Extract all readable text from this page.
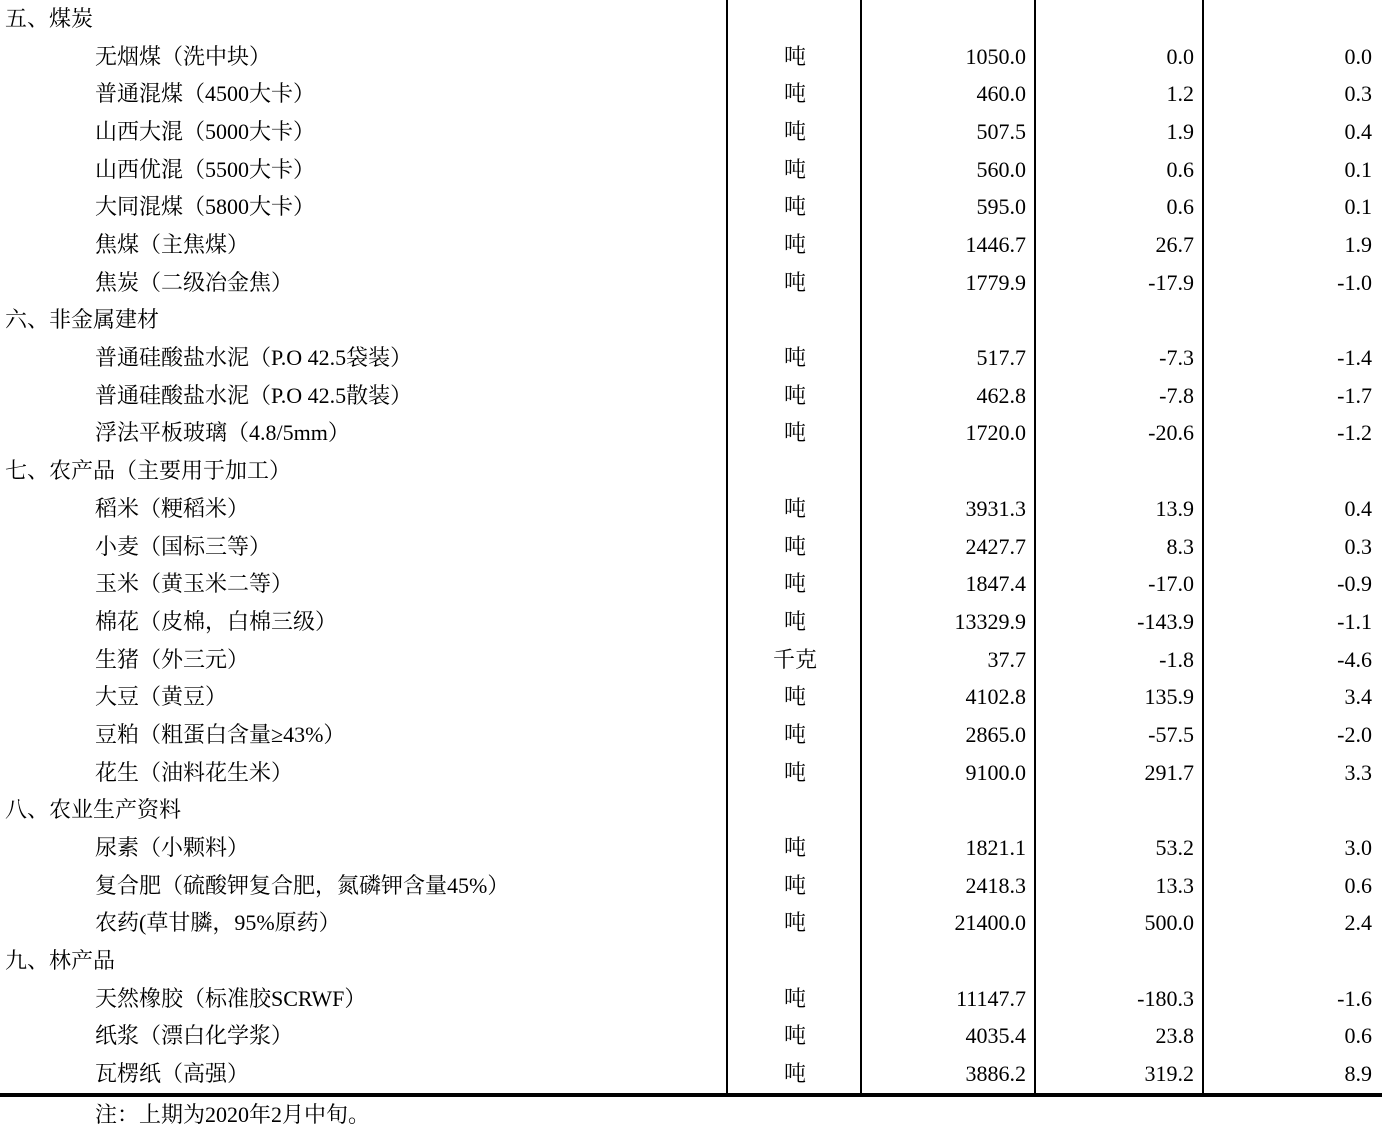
五、煤炭
无烟煤（洗中块）	吨	1050.0	0.0	0.0
普通混煤（4500大卡）	吨	460.0	1.2	0.3
山西大混（5000大卡）	吨	507.5	1.9	0.4
山西优混（5500大卡）	吨	560.0	0.6	0.1
大同混煤（5800大卡）	吨	595.0	0.6	0.1
焦煤（主焦煤）	吨	1446.7	26.7	1.9
焦炭（二级冶金焦）	吨	1779.9	-17.9	-1.0
六、非金属建材
普通硅酸盐水泥（P.O 42.5袋装）	吨	517.7	-7.3	-1.4
普通硅酸盐水泥（P.O 42.5散装）	吨	462.8	-7.8	-1.7
浮法平板玻璃（4.8/5mm）	吨	1720.0	-20.6	-1.2
七、农产品（主要用于加工）
稻米（粳稻米）	吨	3931.3	13.9	0.4
小麦（国标三等）	吨	2427.7	8.3	0.3
玉米（黄玉米二等）	吨	1847.4	-17.0	-0.9
棉花（皮棉，白棉三级）	吨	13329.9	-143.9	-1.1
生猪（外三元）	千克	37.7	-1.8	-4.6
大豆（黄豆）	吨	4102.8	135.9	3.4
豆粕（粗蛋白含量≥43%）	吨	2865.0	-57.5	-2.0
花生（油料花生米）	吨	9100.0	291.7	3.3
八、农业生产资料
尿素（小颗料）	吨	1821.1	53.2	3.0
复合肥（硫酸钾复合肥，氮磷钾含量45%）	吨	2418.3	13.3	0.6
农药(草甘膦，95%原药）	吨	21400.0	500.0	2.4
九、林产品
天然橡胶（标准胶SCRWF）	吨	11147.7	-180.3	-1.6
纸浆（漂白化学浆）	吨	4035.4	23.8	0.6
瓦楞纸（高强）	吨	3886.2	319.2	8.9
注：上期为2020年2月中旬。
